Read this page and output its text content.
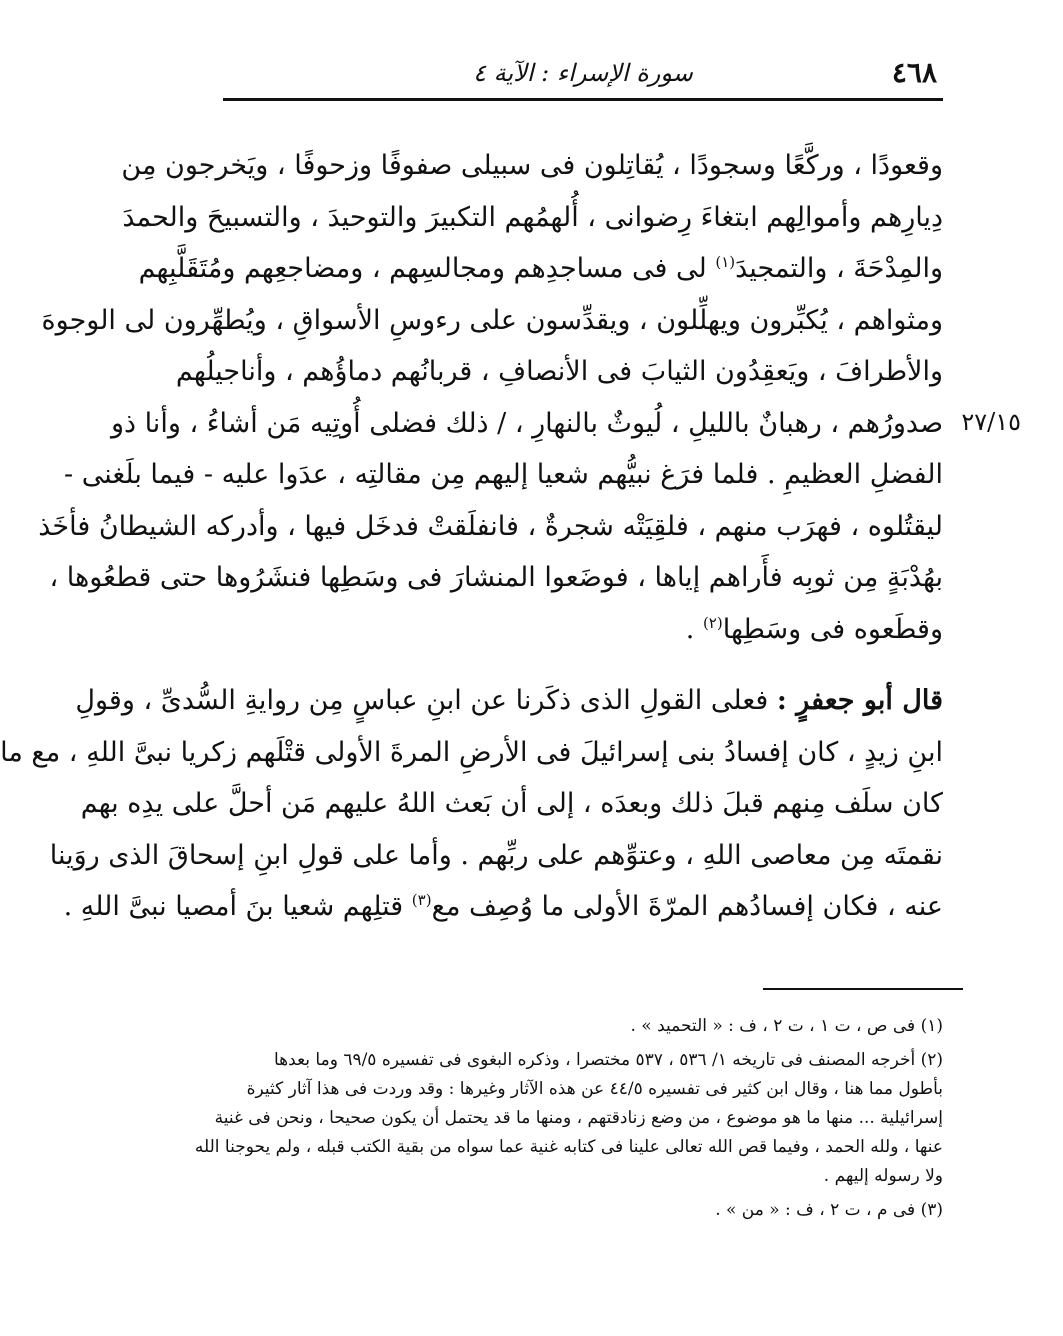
٤٦٨
سورة الإسراء : الآية ٤
٢٧/١٥
وقعودًا ، وركَّعًا وسجودًا ، يُقاتِلون فى سبيلى صفوفًا وزحوفًا ، ويَخرجون مِن
دِيارِهم وأموالِهم ابتغاءَ رِضوانى ، أُلهمُهم التكبيرَ والتوحيدَ ، والتسبيحَ والحمدَ
والمِدْحَةَ ، والتمجيدَ$^{(١)}$ لى فى مساجدِهم ومجالسِهم ، ومضاجعِهم ومُتَقَلَّبِهم
ومثواهم ، يُكبِّرون ويهلِّلون ، ويقدِّسون على رءوسِ الأسواقِ ، ويُطهِّرون لى الوجوهَ
والأطرافَ ، ويَعقِدُون الثيابَ فى الأنصافِ ، قربانُهم دماؤُهم ، وأناجيلُهم
صدورُهم ، رهبانٌ بالليلِ ، لُيوثٌ بالنهارِ ، / ذلك فضلى أُوتِيه مَن أشاءُ ، وأنا ذو
الفضلِ العظيمِ . فلما فرَغ نبيُّهم شعيا إليهم مِن مقالتِه ، عدَوا عليه - فيما بلَغنى -
ليقتُلوه ، فهرَب منهم ، فلقِيَتْه شجرةٌ ، فانفلَقتْ فدخَل فيها ، وأدركه الشيطانُ فأخَذ
بهُدْبَةٍ مِن ثوبِه فأَراهم إياها ، فوضَعوا المنشارَ فى وسَطِها فنشَرُوها حتى قطعُوها ،
وقطَعوه فى وسَطِها$^{(٢)}$ .
قال أبو جعفرٍ : فعلى القولِ الذى ذكَرنا عن ابنِ عباسٍ مِن روايةِ السُّدىِّ ، وقولِ
ابنِ زيدٍ ، كان إفسادُ بنى إسرائيلَ فى الأرضِ المرةَ الأولى قتْلَهم زكريا نبىَّ اللهِ ، مع ما
كان سلَف مِنهم قبلَ ذلك وبعدَه ، إلى أن بَعث اللهُ عليهم مَن أحلَّ على يدِه بهم
نقمتَه مِن معاصى اللهِ ، وعتوِّهم على ربِّهم . وأما على قولِ ابنِ إسحاقَ الذى روَينا
عنه ، فكان إفسادُهم المرّةَ الأولى ما وُصِف مع$^{(٣)}$ قتلِهم شعيا بنَ أمصيا نبىَّ اللهِ .
(١) فى ص ، ت ١ ، ت ٢ ، ف : « التحميد » .
(٢) أخرجه المصنف فى تاريخه ١/ ٥٣٦ ، ٥٣٧ مختصرا ، وذكره البغوى فى تفسيره ٦٩/٥ وما بعدها
بأطول مما هنا ، وقال ابن كثير فى تفسيره ٤٤/٥ عن هذه الآثار وغيرها : وقد وردت فى هذا آثار كثيرة
إسرائيلية ... منها ما هو موضوع ، من وضع زنادقتهم ، ومنها ما قد يحتمل أن يكون صحيحا ، ونحن فى غنية
عنها ، ولله الحمد ، وفيما قص الله تعالى علينا فى كتابه غنية عما سواه من بقية الكتب قبله ، ولم يحوجنا الله
ولا رسوله إليهم .
(٣) فى م ، ت ٢ ، ف : « من » .
